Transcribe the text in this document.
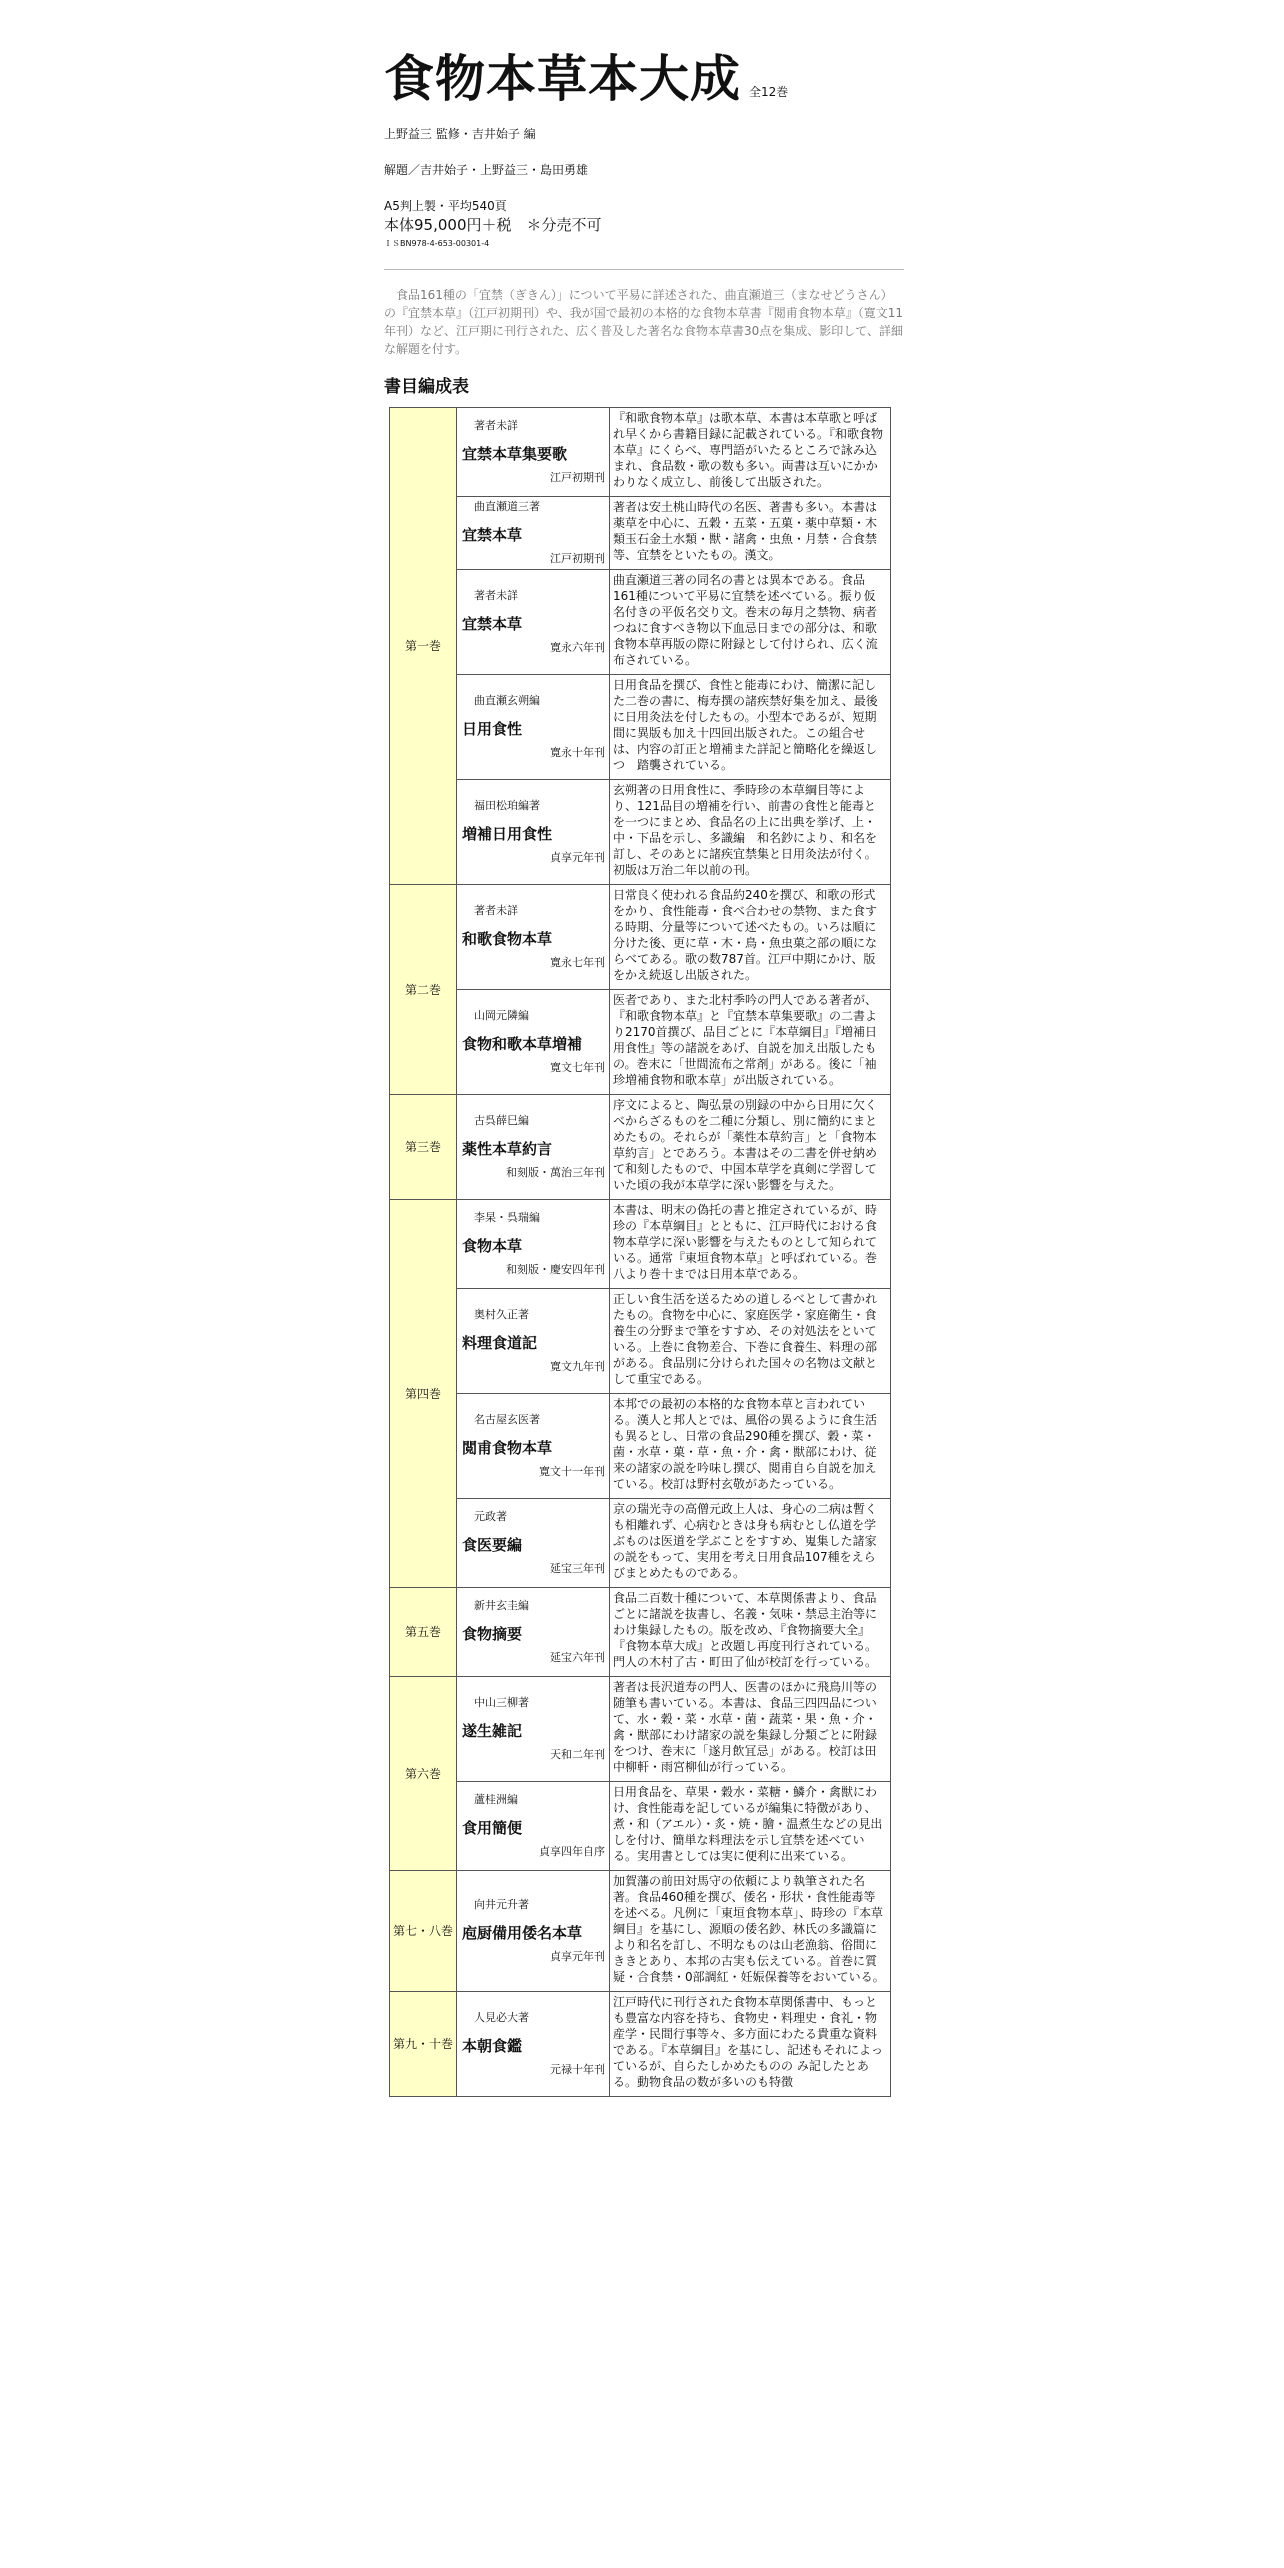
食物本草本大成 全12巻
上野益三 監修・吉井始子 編
解題／吉井始子・上野益三・島田勇雄
A5判上製・平均540頁
本体95,000円＋税　＊分売不可
ＩＳBN978-4-653-00301-4
　食品161種の「宜禁（ぎきん）」について平易に詳述された、曲直瀬道三（まなせどうさん）の『宜禁本草』（江戸初期刊）や、我が国で最初の本格的な食物本草書『閲甫食物本草』（寛文11年刊）など、江戸期に刊行された、広く普及した著名な食物本草書30点を集成、影印して、詳細な解題を付す。
書目編成表
第一巻	著者未詳
宜禁本草集要歌
江戸初期刊	『和歌食物本草』は歌本草、本書は本草歌と呼ばれ早くから書籍目録に記載されている。『和歌食物本草』にくらべ、専門語がいたるところで詠み込まれ、食品数・歌の数も多い。両書は互いにかかわりなく成立し、前後して出版された。

	曲直瀬道三著
宜禁本草
江戸初期刊	著者は安土桃山時代の名医、著書も多い。本書は薬草を中心に、五穀・五菜・五菓・薬中草類・木類玉石金土水類・獣・諸禽・虫魚・月禁・合食禁等、宜禁をといたもの。漢文。

	著者未詳
宜禁本草
寛永六年刊	曲直瀬道三著の同名の書とは異本である。食品161種について平易に宜禁を述べている。振り仮名付きの平仮名交り文。巻末の毎月之禁物、病者つねに食すべき物以下血忌日までの部分は、和歌食物本草再版の際に附録として付けられ、広く流布されている。

	曲直瀬玄朔編
日用食性
寛永十年刊	日用食品を撰び、食性と能毒にわけ、簡潔に記した二巻の書に、梅寿撰の諸疾禁好集を加え、最後に日用灸法を付したもの。小型本であるが、短期間に異版も加え十四回出版された。この組合せは、内容の訂正と増補また詳記と簡略化を繰返しつ　踏襲されている。

	福田松珀編著
増補日用食性
貞享元年刊	玄朔著の日用食性に、季時珍の本草綱目等により、121品目の増補を行い、前書の食性と能毒とを一つにまとめ、食品名の上に出典を挙げ、上・中・下品を示し、多識編　和名鈔により、和名を訂し、そのあとに諸疾宜禁集と日用灸法が付く。初版は万治二年以前の刊。
第二巻	著者未詳
和歌食物本草
寛永七年刊	日常良く使われる食品約240を撰び、和歌の形式をかり、食性能毒・食べ合わせの禁物、また食する時期、分量等について述べたもの。いろは順に分けた後、更に草・木・鳥・魚虫菓之部の順にならべてある。歌の数787首。江戸中期にかけ、版をかえ続返し出版された。

	山岡元隣編
食物和歌本草増補
寛文七年刊	医者であり、また北村季吟の門人である著者が、『和歌食物本草』と『宜禁本草集要歌』の二書より2170首撰び、品目ごとに『本草綱目』『増補日用食性』等の諸説をあげ、自説を加え出版したもの。巻末に「世間流布之常剤」がある。後に「袖珍増補食物和歌本草」が出版されている。
第三巻	古呉薛巳編
薬性本草約言
和刻版・萬治三年刊	序文によると、陶弘景の別録の中から日用に欠くべからざるものを二種に分類し、別に簡約にまとめたもの。それらが「薬性本草約言」と「食物本草約言」とであろう。本書はその二書を併せ納めて和刻したもので、中国本草学を真剣に学習していた頃の我が本草学に深い影響を与えた。
第四巻	李杲・呉瑞編
食物本草
和刻版・慶安四年刊	本書は、明末の偽托の書と推定されているが、時珍の『本草綱目』とともに、江戸時代における食物本草学に深い影響を与えたものとして知られている。通常『東垣食物本草』と呼ばれている。巻八より巻十までは日用本草である。

	奥村久正著
料理食道記
寛文九年刊	正しい食生活を送るための道しるべとして書かれたもの。食物を中心に、家庭医学・家庭衛生・食養生の分野まで筆をすすめ、その対処法をといている。上巻に食物差合、下巻に食養生、料理の部がある。食品別に分けられた国々の名物は文献として重宝である。

	名古屋玄医著
閲甫食物本草
寛文十一年刊	本邦での最初の本格的な食物本草と言われている。漢人と邦人とでは、風俗の異るように食生活も異るとし、日常の食品290種を撰び、穀・菜・菌・水草・菓・草・魚・介・禽・獣部にわけ、従来の諸家の説を吟味し撰び、閲甫自ら自説を加えている。校訂は野村玄敬があたっている。

	元政著
食医要編
延宝三年刊	京の瑞光寺の高僧元政上人は、身心の二病は暫くも相離れず、心病むときは身も病むとし仏道を学ぶものは医道を学ぶことをすすめ、嵬集した諸家の説をもって、実用を考え日用食品107種をえらびまとめたものである。
第五巻	新井玄圭編
食物摘要
延宝六年刊	食品二百数十種について、本草関係書より、食品ごとに諸説を抜書し、名義・気味・禁忌主治等にわけ集録したもの。版を改め、『食物摘要大全』『食物本草大成』と改題し再度刊行されている。門人の木村了古・町田了仙が校訂を行っている。
第六巻	中山三柳著
遂生雑記
天和二年刊	著者は長沢道寿の門人、医書のほかに飛鳥川等の随筆も書いている。本書は、食品三四四品について、水・穀・菜・水草・菌・蔬菜・果・魚・介・禽・獣部にわけ諸家の説を集録し分類ごとに附録をつけ、巻末に「遂月飲冝忌」がある。校訂は田中柳軒・雨宮柳仙が行っている。

	蘆桂洲編
食用簡便
貞享四年自序	日用食品を、草果・穀水・菜糖・鱗介・禽獣にわけ、食性能毒を記しているが編集に特徴があり、煮・和（アエル）・炙・焼・膾・温煮生などの見出しを付け、簡単な料理法を示し宜禁を述べている。実用書としては実に便利に出来ている。
第七・八巻	向井元升著
庖厨備用倭名本草
貞享元年刊	加賀藩の前田対馬守の依頼により執筆された名著。食品460種を撰び、倭名・形状・食性能毒等を述べる。凡例に「東垣食物本草」、時珍の『本草綱目』を基にし、源順の倭名鈔、林氏の多識篇により和名を訂し、不明なものは山老漁翁、俗間にききとあり、本邦の古実も伝えている。首巻に質疑・合食禁・0部調紅・妊娠保養等をおいている。
第九・十巻	人見必大著
本朝食鑑
元禄十年刊	江戸時代に刊行された食物本草関係書中、もっとも豊富な内容を持ち、食物史・料理史・食礼・物産学・民間行事等々、多方面にわたる貴重な資料である。『本草綱目』を基にし、記述もそれによっているが、自らたしかめたものの み記したとある。動物食品の数が多いのも特徴
